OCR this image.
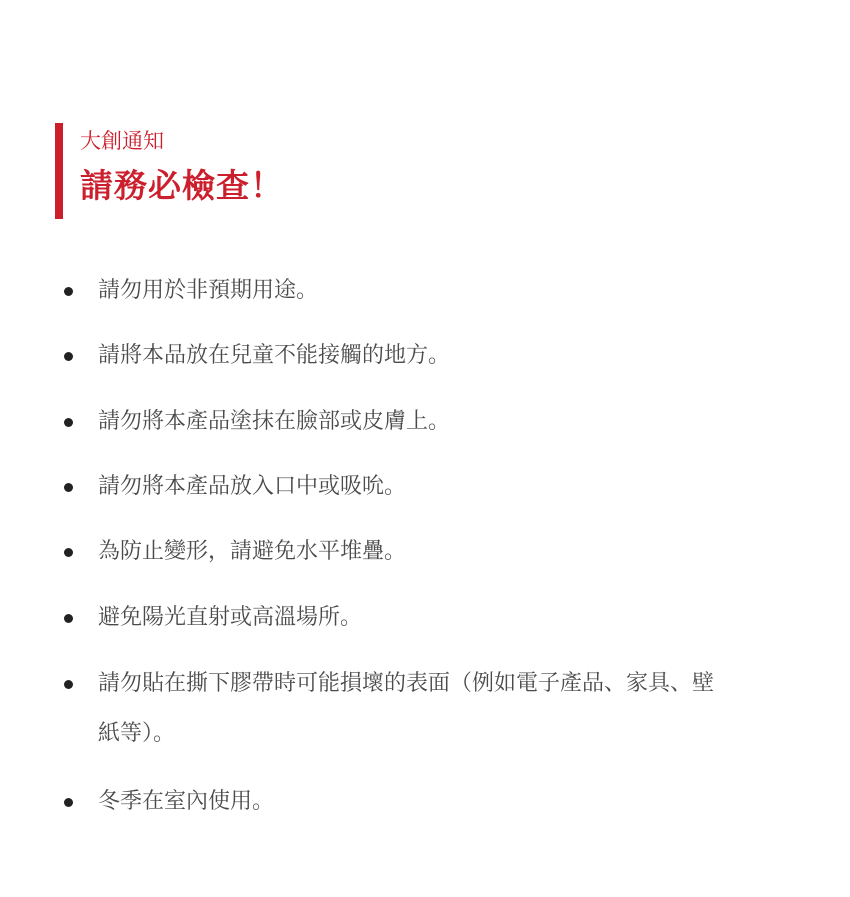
大創通知
請務必檢查！
請勿用於非預期用途。
請將本品放在兒童不能接觸的地方。
請勿將本產品塗抹在臉部或皮膚上。
請勿將本產品放入口中或吸吮。
為防止變形，請避免水平堆疊。
避免陽光直射或高溫場所。
請勿貼在撕下膠帶時可能損壞的表面（例如電子產品、家具、壁紙等）。
冬季在室內使用。
